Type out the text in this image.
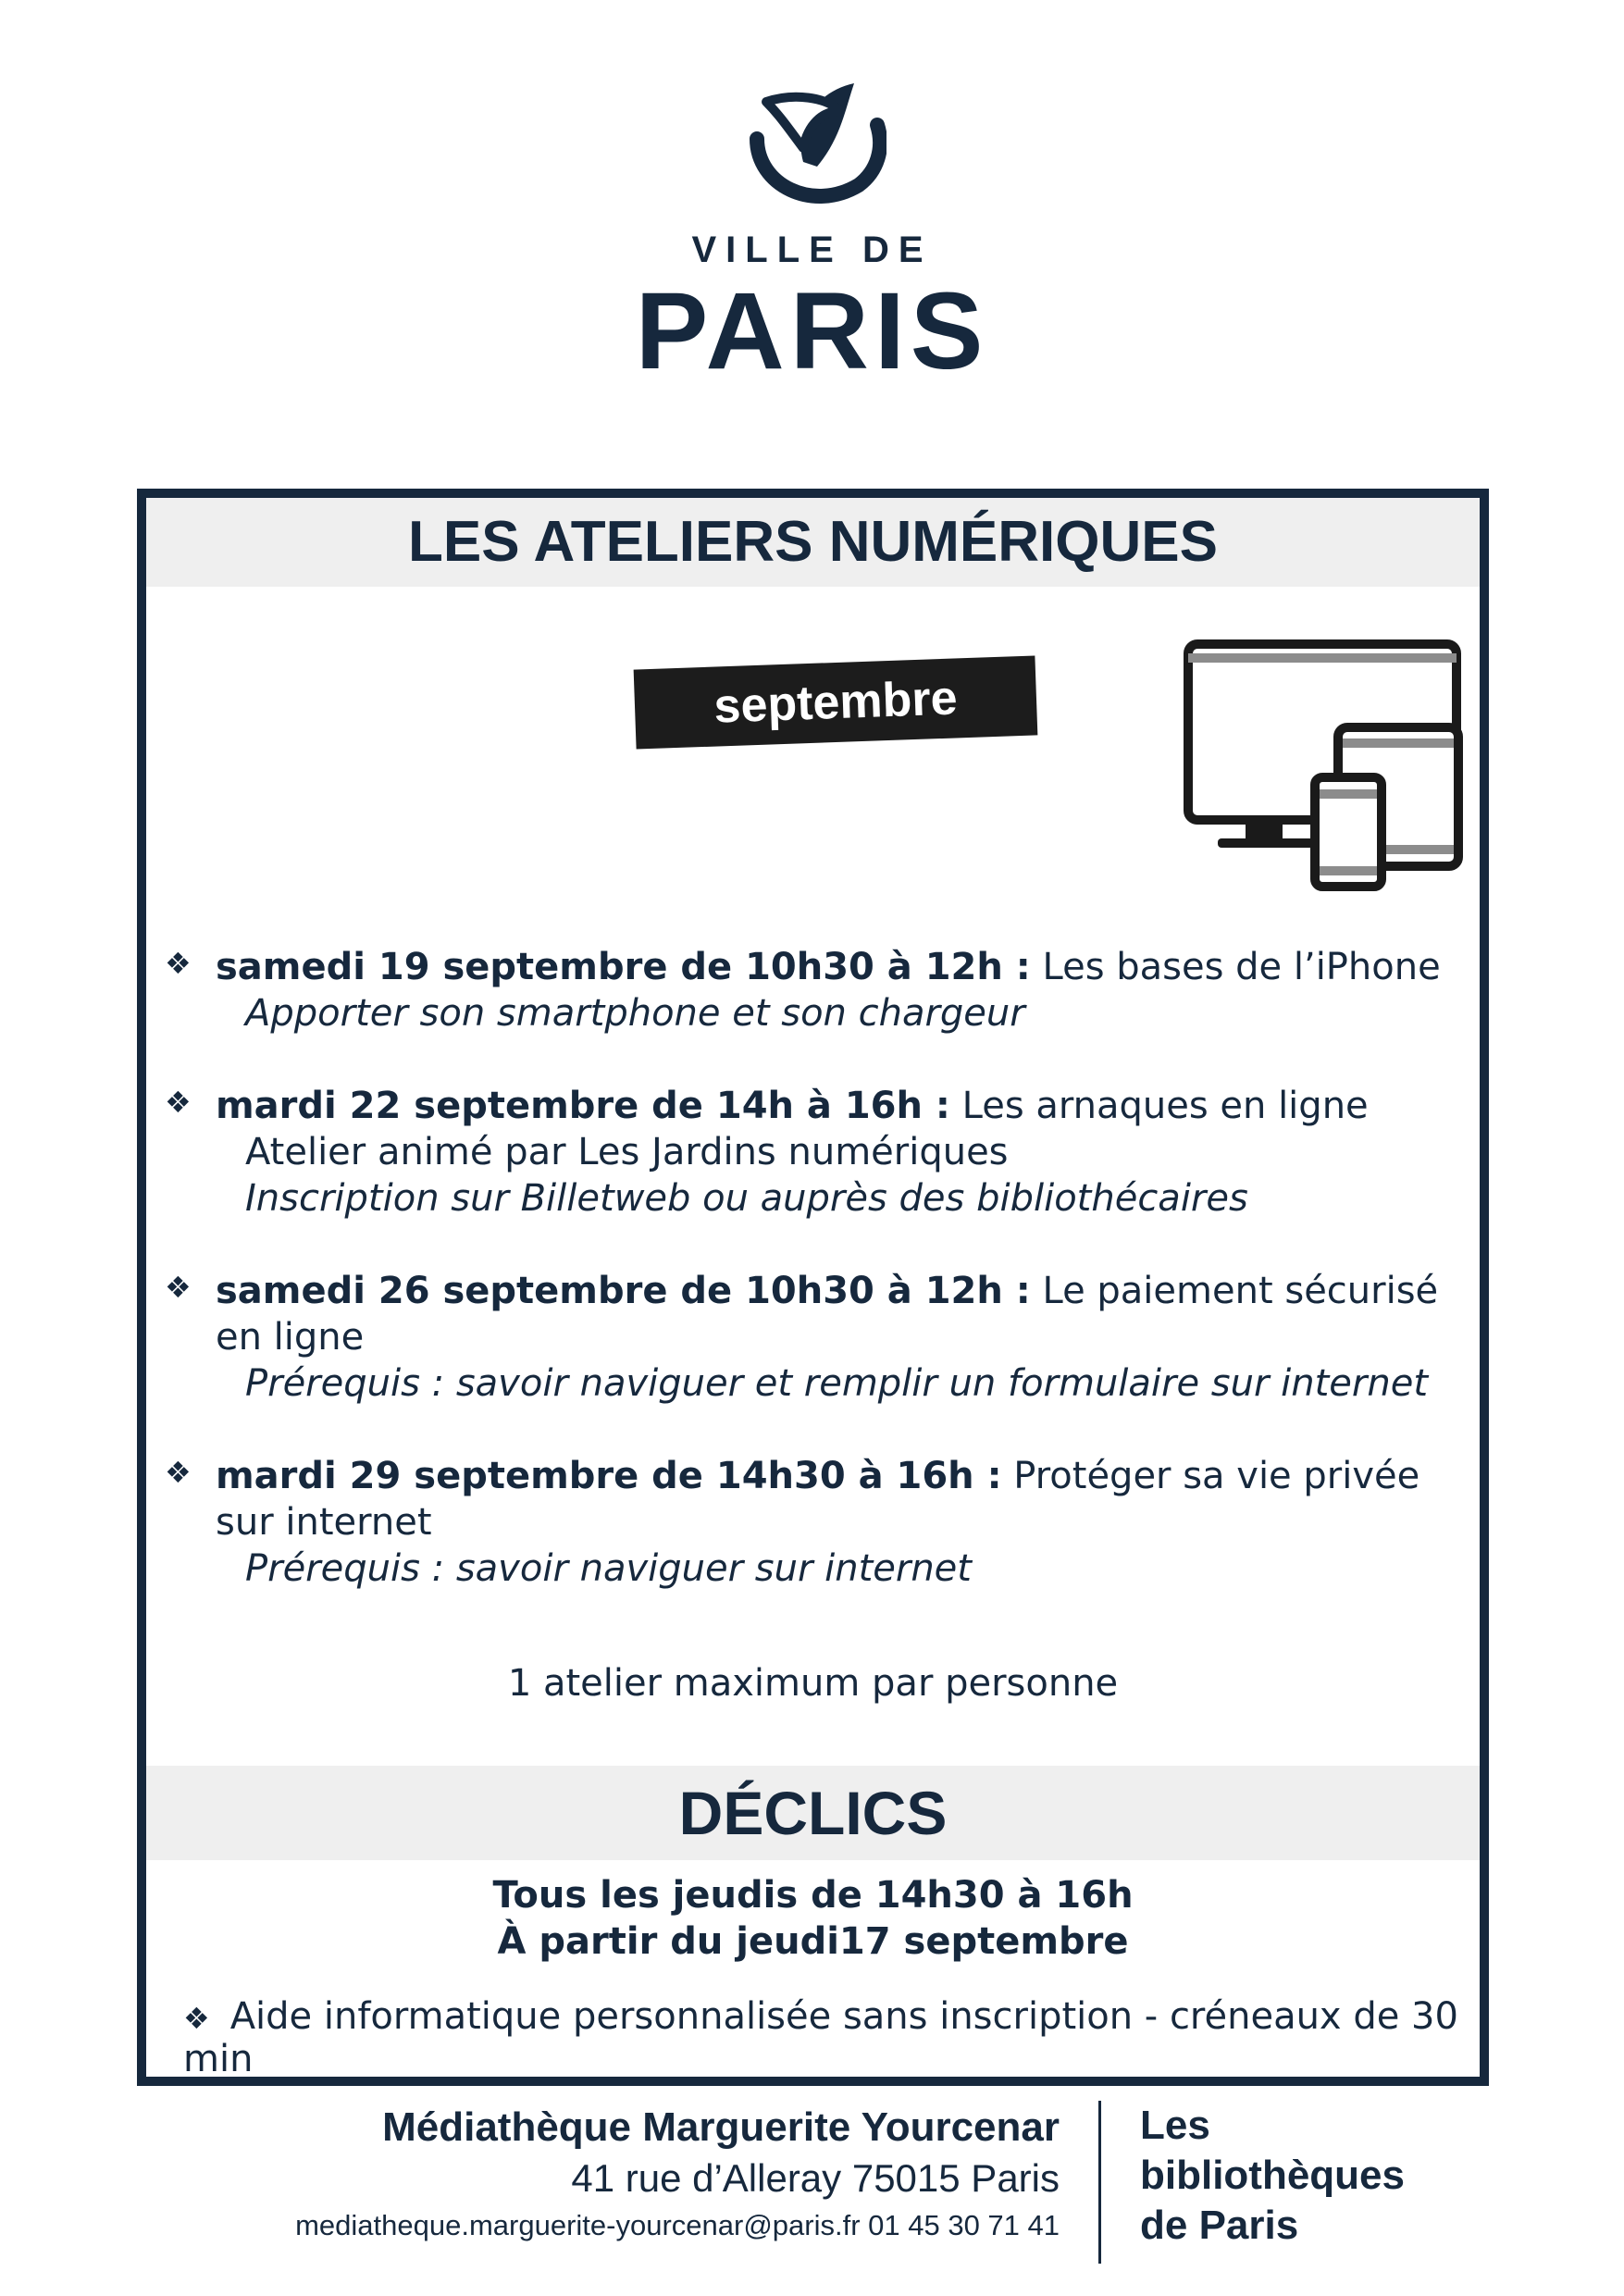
VILLE DE
PARIS
LES ATELIERS NUMÉRIQUES
septembre
❖ samedi 19 septembre de 10h30 à 12h : Les bases de l’iPhone
Apporter son smartphone et son chargeur
❖ mardi 22 septembre de 14h à 16h : Les arnaques en ligne
Atelier animé par Les Jardins numériques
Inscription sur Billetweb ou auprès des bibliothécaires
❖ samedi 26 septembre de 10h30 à 12h : Le paiement sécurisé en ligne
Prérequis : savoir naviguer et remplir un formulaire sur internet
❖ mardi 29 septembre de 14h30 à 16h : Protéger sa vie privée sur internet
Prérequis : savoir naviguer sur internet
1 atelier maximum par personne
DÉCLICS
Tous les jeudis de 14h30 à 16h
À partir du jeudi17 septembre
❖ Aide informatique personnalisée sans inscription - créneaux de 30 min
Médiathèque Marguerite Yourcenar
41 rue d’Alleray 75015 Paris
mediatheque.marguerite-yourcenar@paris.fr 01 45 30 71 41
Les
bibliothèques
de Paris
